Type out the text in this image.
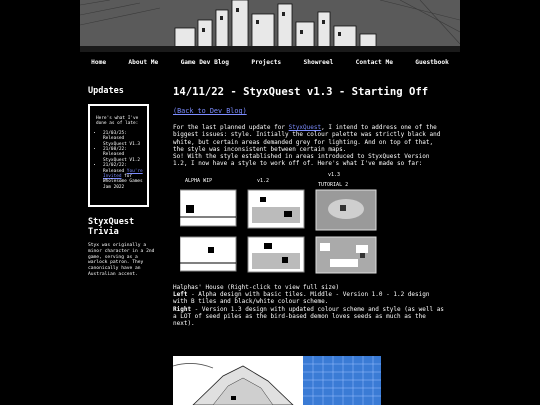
Home	About Me	Game Dev Blog	Projects	Showreel	Contact Me	Guestbook
Updates
Here's what I've done as of late:
• 21/03/25: Released StyxQuest V1.3
• 21/08/22: Released StyxQuest V1.2
• 21/02/22: Released You're Invited for Wholesome Games Jam 2022
StyxQuest Trivia
Styx was originally a minor character in a 2nd game, serving as a warlock patron. They canonically have an Australian accent.
14/11/22 - StyxQuest v1.3 - Starting Off
(Back to Dev Blog)

For the last planned update for StyxQuest, I intend to address one of the biggest issues: style. Initially the colour palette was strictly black and white, but certain areas demanded grey for lighting. And on top of that, the style was inconsistent between certain maps.

So! With the style established in areas introduced to StyxQuest Version 1.2, I now have a style to work off of. Here's what I've made so far:

ALPHA WIP	v1.2
v1.3
TUTORIAL 2
Halphas' House (Right-click to view full size)
Left - Alpha design with basic tiles. Middle - Version 1.0 - 1.2 design with B tiles and black/white colour scheme.
Right - Version 1.3 design with updated colour scheme and style (as well as a LOT of seed piles as the bird-based demon loves seeds as much as the next).
